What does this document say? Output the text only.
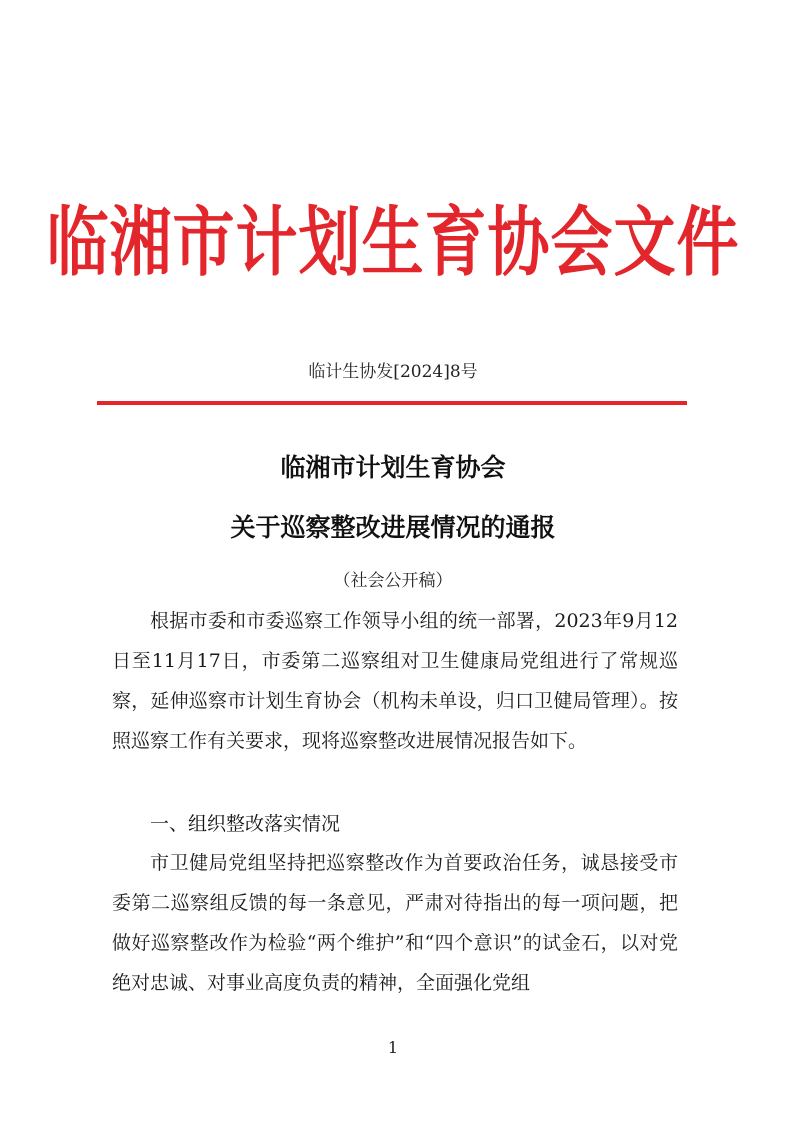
临湘市计划生育协会文件
临计生协发[2024]8号
临湘市计划生育协会
关于巡察整改进展情况的通报
（社会公开稿）
根据市委和市委巡察工作领导小组的统一部署，2023年9月12日至11月17日，市委第二巡察组对卫生健康局党组进行了常规巡察，延伸巡察市计划生育协会（机构未单设，归口卫健局管理）。按照巡察工作有关要求，现将巡察整改进展情况报告如下。
一、组织整改落实情况
市卫健局党组坚持把巡察整改作为首要政治任务，诚恳接受市委第二巡察组反馈的每一条意见，严肃对待指出的每一项问题，把做好巡察整改作为检验“两个维护”和“四个意识”的试金石，以对党绝对忠诚、对事业高度负责的精神，全面强化党组
1
